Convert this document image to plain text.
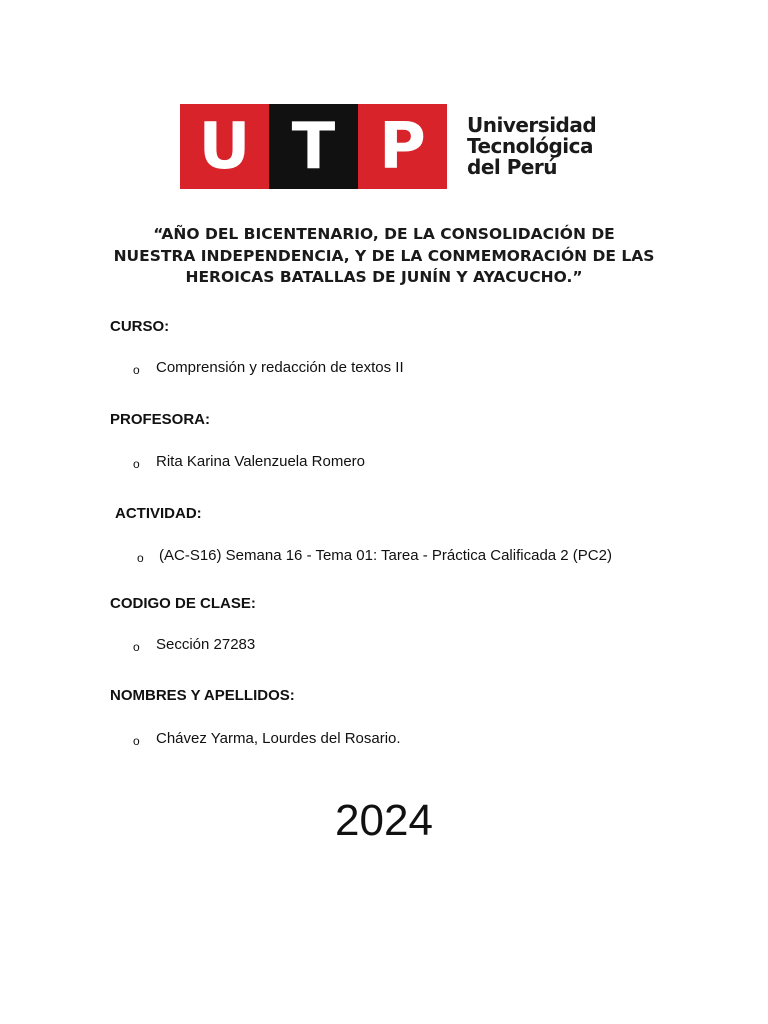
U T P	Universidad
Tecnológica
del Perú
“AÑO DEL BICENTENARIO, DE LA CONSOLIDACIÓN DE NUESTRA INDEPENDENCIA, Y DE LA CONMEMORACIÓN DE LAS HEROICAS BATALLAS DE JUNÍN Y AYACUCHO.”
CURSO:
o Comprensión y redacción de textos II
PROFESORA:
o Rita Karina Valenzuela Romero
ACTIVIDAD:
o (AC-S16) Semana 16 - Tema 01: Tarea - Práctica Calificada 2 (PC2)
CODIGO DE CLASE:
o Sección 27283
NOMBRES Y APELLIDOS:
o Chávez Yarma, Lourdes del Rosario.
2024
